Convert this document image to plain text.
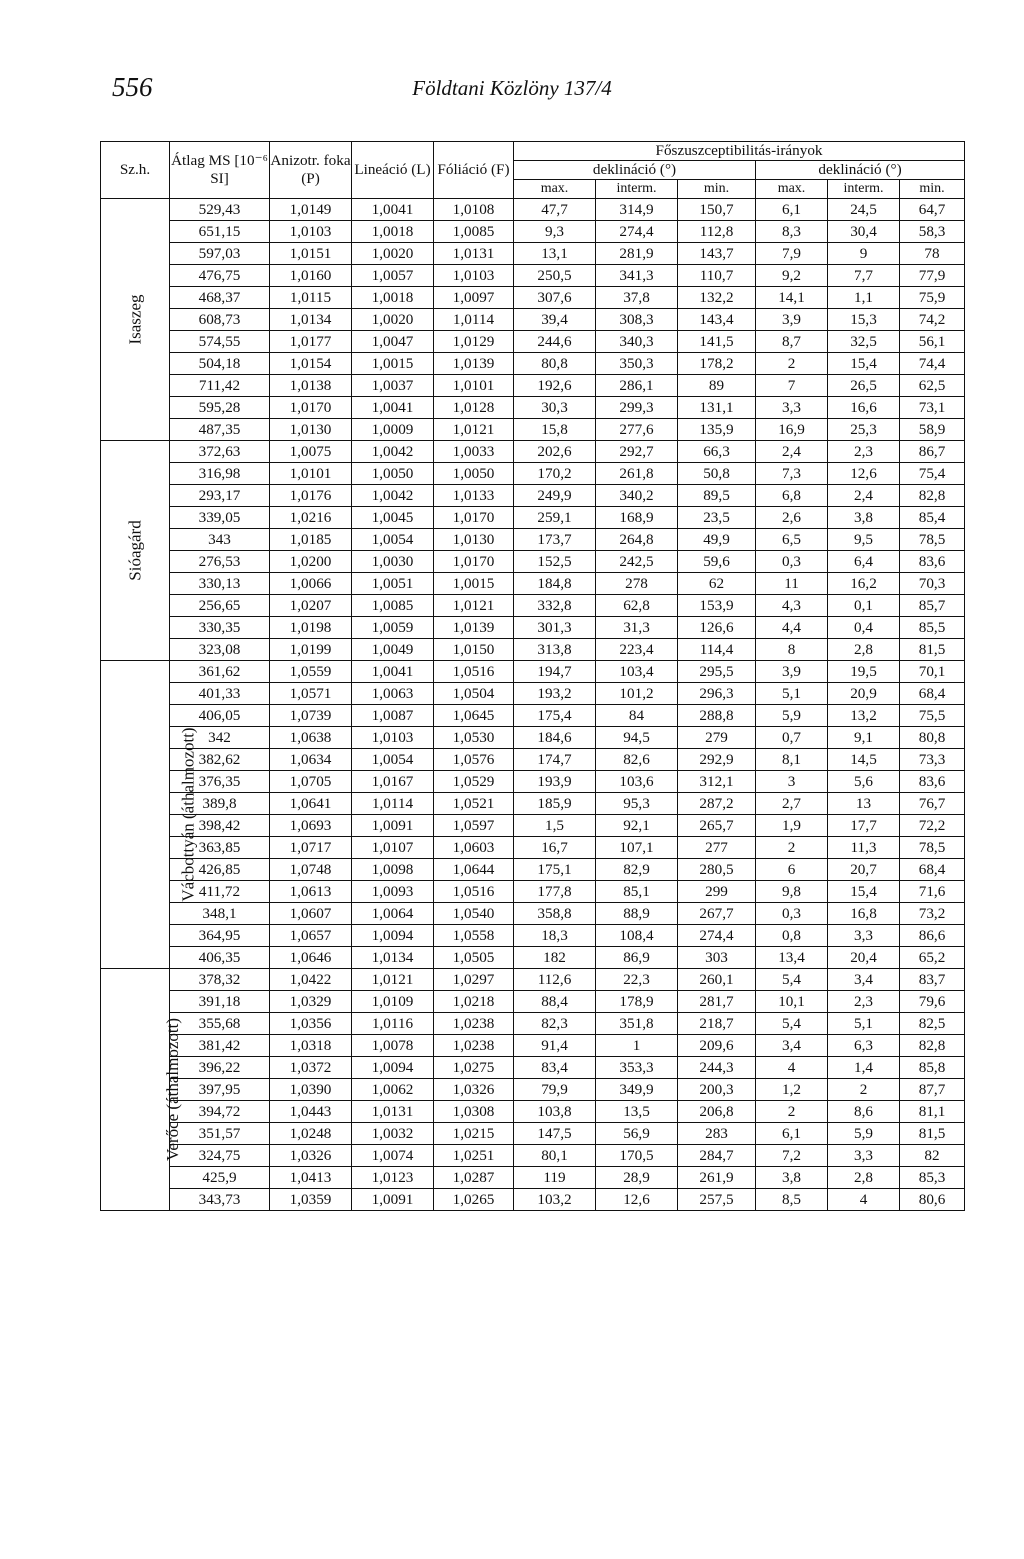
556	Földtani Közlöny 137/4
Sz.h.	Átlag MS [10⁻⁶ SI]	Anizotr. foka (P)	Lineáció (L)	Fóliáció (F)	Főszuszceptibilitás-irányok					
					deklináció (°)			deklináció (°)		
					max.	interm.	min.	max.	interm.	min.
Isaszeg	529,43	1,0149	1,0041	1,0108	47,7	314,9	150,7	6,1	24,5	64,7
	651,15	1,0103	1,0018	1,0085	9,3	274,4	112,8	8,3	30,4	58,3
	597,03	1,0151	1,0020	1,0131	13,1	281,9	143,7	7,9	9	78
	476,75	1,0160	1,0057	1,0103	250,5	341,3	110,7	9,2	7,7	77,9
	468,37	1,0115	1,0018	1,0097	307,6	37,8	132,2	14,1	1,1	75,9
	608,73	1,0134	1,0020	1,0114	39,4	308,3	143,4	3,9	15,3	74,2
	574,55	1,0177	1,0047	1,0129	244,6	340,3	141,5	8,7	32,5	56,1
	504,18	1,0154	1,0015	1,0139	80,8	350,3	178,2	2	15,4	74,4
	711,42	1,0138	1,0037	1,0101	192,6	286,1	89	7	26,5	62,5
	595,28	1,0170	1,0041	1,0128	30,3	299,3	131,1	3,3	16,6	73,1
	487,35	1,0130	1,0009	1,0121	15,8	277,6	135,9	16,9	25,3	58,9
Sióagárd	372,63	1,0075	1,0042	1,0033	202,6	292,7	66,3	2,4	2,3	86,7
	316,98	1,0101	1,0050	1,0050	170,2	261,8	50,8	7,3	12,6	75,4
	293,17	1,0176	1,0042	1,0133	249,9	340,2	89,5	6,8	2,4	82,8
	339,05	1,0216	1,0045	1,0170	259,1	168,9	23,5	2,6	3,8	85,4
	343	1,0185	1,0054	1,0130	173,7	264,8	49,9	6,5	9,5	78,5
	276,53	1,0200	1,0030	1,0170	152,5	242,5	59,6	0,3	6,4	83,6
	330,13	1,0066	1,0051	1,0015	184,8	278	62	11	16,2	70,3
	256,65	1,0207	1,0085	1,0121	332,8	62,8	153,9	4,3	0,1	85,7
	330,35	1,0198	1,0059	1,0139	301,3	31,3	126,6	4,4	0,4	85,5
	323,08	1,0199	1,0049	1,0150	313,8	223,4	114,4	8	2,8	81,5
Vácbottyán (áthalmozott)	361,62	1,0559	1,0041	1,0516	194,7	103,4	295,5	3,9	19,5	70,1
	401,33	1,0571	1,0063	1,0504	193,2	101,2	296,3	5,1	20,9	68,4
	406,05	1,0739	1,0087	1,0645	175,4	84	288,8	5,9	13,2	75,5
	342	1,0638	1,0103	1,0530	184,6	94,5	279	0,7	9,1	80,8
	382,62	1,0634	1,0054	1,0576	174,7	82,6	292,9	8,1	14,5	73,3
	376,35	1,0705	1,0167	1,0529	193,9	103,6	312,1	3	5,6	83,6
	389,8	1,0641	1,0114	1,0521	185,9	95,3	287,2	2,7	13	76,7
	398,42	1,0693	1,0091	1,0597	1,5	92,1	265,7	1,9	17,7	72,2
	363,85	1,0717	1,0107	1,0603	16,7	107,1	277	2	11,3	78,5
	426,85	1,0748	1,0098	1,0644	175,1	82,9	280,5	6	20,7	68,4
	411,72	1,0613	1,0093	1,0516	177,8	85,1	299	9,8	15,4	71,6
	348,1	1,0607	1,0064	1,0540	358,8	88,9	267,7	0,3	16,8	73,2
	364,95	1,0657	1,0094	1,0558	18,3	108,4	274,4	0,8	3,3	86,6
	406,35	1,0646	1,0134	1,0505	182	86,9	303	13,4	20,4	65,2
Verőce (áthalmozott)	378,32	1,0422	1,0121	1,0297	112,6	22,3	260,1	5,4	3,4	83,7
	391,18	1,0329	1,0109	1,0218	88,4	178,9	281,7	10,1	2,3	79,6
	355,68	1,0356	1,0116	1,0238	82,3	351,8	218,7	5,4	5,1	82,5
	381,42	1,0318	1,0078	1,0238	91,4	1	209,6	3,4	6,3	82,8
	396,22	1,0372	1,0094	1,0275	83,4	353,3	244,3	4	1,4	85,8
	397,95	1,0390	1,0062	1,0326	79,9	349,9	200,3	1,2	2	87,7
	394,72	1,0443	1,0131	1,0308	103,8	13,5	206,8	2	8,6	81,1
	351,57	1,0248	1,0032	1,0215	147,5	56,9	283	6,1	5,9	81,5
	324,75	1,0326	1,0074	1,0251	80,1	170,5	284,7	7,2	3,3	82
	425,9	1,0413	1,0123	1,0287	119	28,9	261,9	3,8	2,8	85,3
	343,73	1,0359	1,0091	1,0265	103,2	12,6	257,5	8,5	4	80,6
